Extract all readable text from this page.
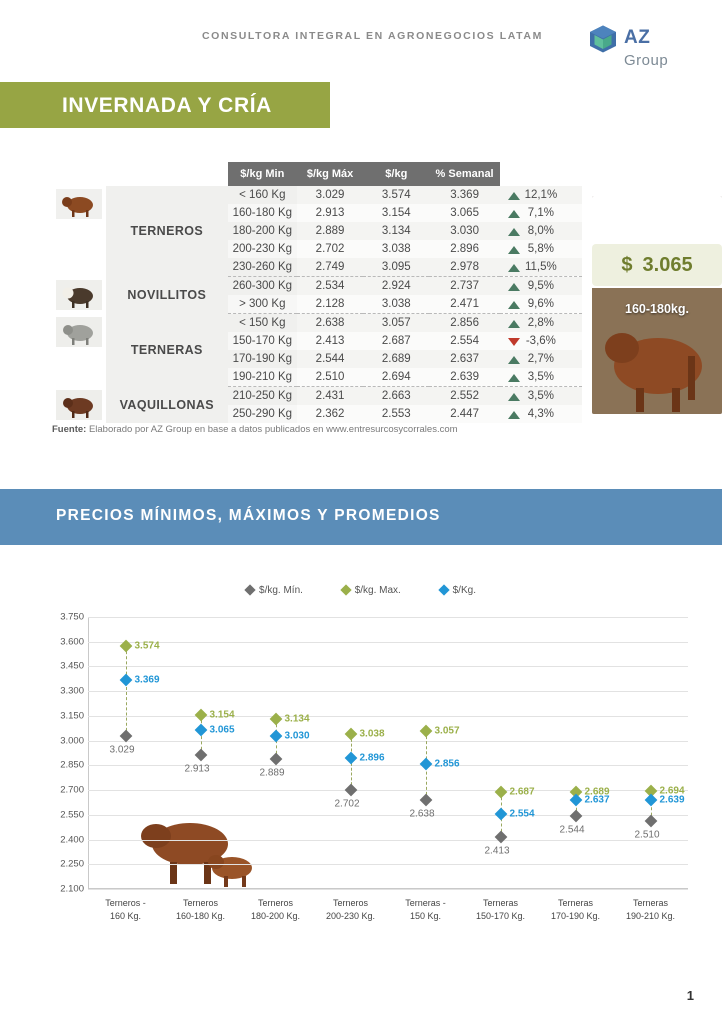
CONSULTORA INTEGRAL EN AGRONEGOCIOS LATAM	AZ Group
INVERNADA Y CRÍA
		$/kg Min	$/kg Máx	$/kg	% Semanal	

	TERNEROS	< 160 Kg	3.029	3.574	3.369	12,1%
		160-180 Kg	2.913	3.154	3.065	7,1%
		180-200 Kg	2.889	3.134	3.030	8,0%
		200-230 Kg	2.702	3.038	2.896	5,8%
		230-260 Kg	2.749	3.095	2.978	11,5%

	NOVILLITOS	260-300 Kg	2.534	2.924	2.737	9,5%
		> 300 Kg	2.128	3.038	2.471	9,6%

	TERNERAS	< 150 Kg	2.638	3.057	2.856	2,8%
		150-170 Kg	2.413	2.687	2.554	-3,6%
		170-190 Kg	2.544	2.689	2.637	2,7%
		190-210 Kg	2.510	2.694	2.639	3,5%

	VAQUILLONAS	210-250 Kg	2.431	2.663	2.552	3,5%
		250-290 Kg	2.362	2.553	2.447	4,3%
$ 3.065
160-180kg.
Fuente: Elaborado por AZ Group en base a datos publicados en www.entresurcosycorrales.com
PRECIOS MÍNIMOS, MÁXIMOS Y PROMEDIOS
$/kg. Mín.	$/kg. Max.	$/Kg.
3.750
3.600
3.450
3.300
3.150
3.000
2.850
2.700
2.550
2.400
2.250
2.100
3.029
3.574
3.369
2.913
3.154
3.065
2.889
3.134
3.030
2.702
3.038
2.896
2.638
3.057
2.856
2.413
2.687
2.554
2.544
2.689
2.637
2.510
2.694
2.639
Terneros -
160 Kg.
Terneros
160-180 Kg.
Terneros
180-200 Kg.
Terneros
200-230 Kg.
Terneras -
150 Kg.
Terneras
150-170 Kg.
Terneras
170-190 Kg.
Terneras
190-210 Kg.
1
